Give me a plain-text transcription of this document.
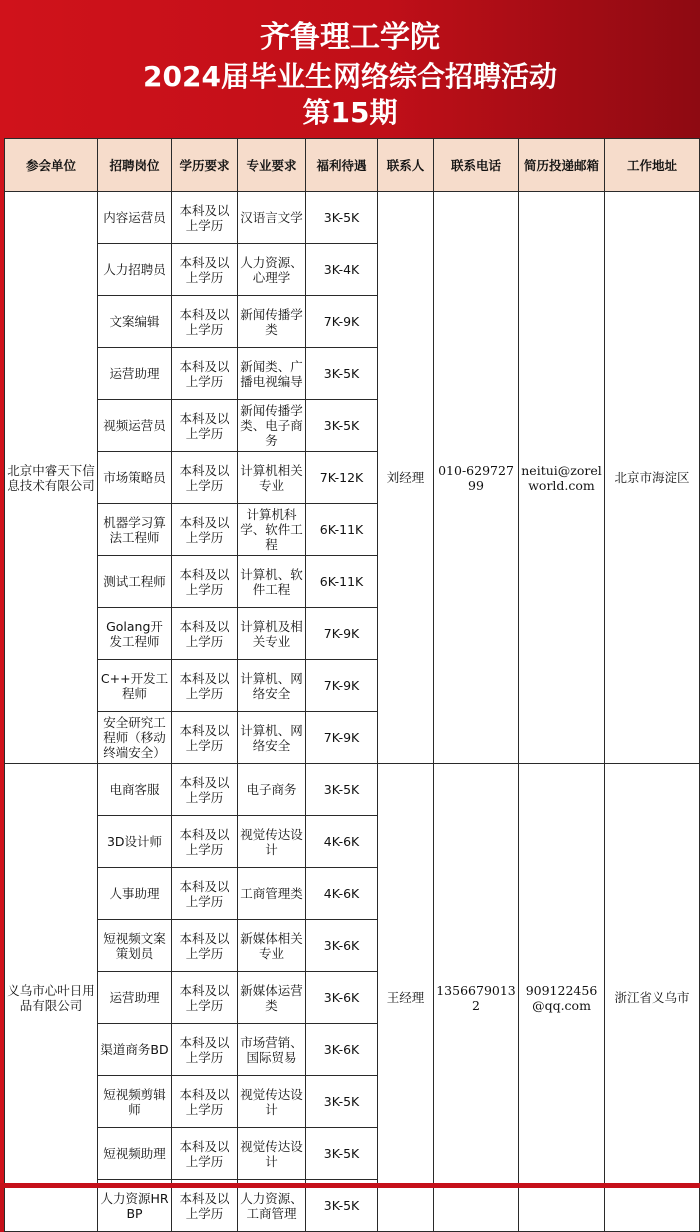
齐鲁理工学院
2024届毕业生网络综合招聘活动
第15期
参会单位	招聘岗位	学历要求	专业要求	福利待遇	联系人	联系电话	简历投递邮箱	工作地址
北京中睿天下信息技术有限公司	内容运营员	本科及以上学历	汉语言文学	3K-5K	刘经理	010-62972799	neitui@zorelworld.com	北京市海淀区
	人力招聘员	本科及以上学历	人力资源、心理学	3K-4K				
	文案编辑	本科及以上学历	新闻传播学类	7K-9K				
	运营助理	本科及以上学历	新闻类、广播电视编导	3K-5K				
	视频运营员	本科及以上学历	新闻传播学类、电子商务	3K-5K				
	市场策略员	本科及以上学历	计算机相关专业	7K-12K				
	机器学习算法工程师	本科及以上学历	计算机科学、软件工程	6K-11K				
	测试工程师	本科及以上学历	计算机、软件工程	6K-11K				
	Golang开发工程师	本科及以上学历	计算机及相关专业	7K-9K				
	C++开发工程师	本科及以上学历	计算机、网络安全	7K-9K				
	安全研究工程师（移动终端安全）	本科及以上学历	计算机、网络安全	7K-9K				
义乌市心叶日用品有限公司	电商客服	本科及以上学历	电子商务	3K-5K	王经理	13566790132	909122456@qq.com	浙江省义乌市
	3D设计师	本科及以上学历	视觉传达设计	4K-6K				
	人事助理	本科及以上学历	工商管理类	4K-6K				
	短视频文案策划员	本科及以上学历	新媒体相关专业	3K-6K				
	运营助理	本科及以上学历	新媒体运营类	3K-6K				
	渠道商务BD	本科及以上学历	市场营销、国际贸易	3K-6K				
	短视频剪辑师	本科及以上学历	视觉传达设计	3K-5K				
	短视频助理	本科及以上学历	视觉传达设计	3K-5K				
	人力资源HRBP	本科及以上学历	人力资源、工商管理	3K-5K				
